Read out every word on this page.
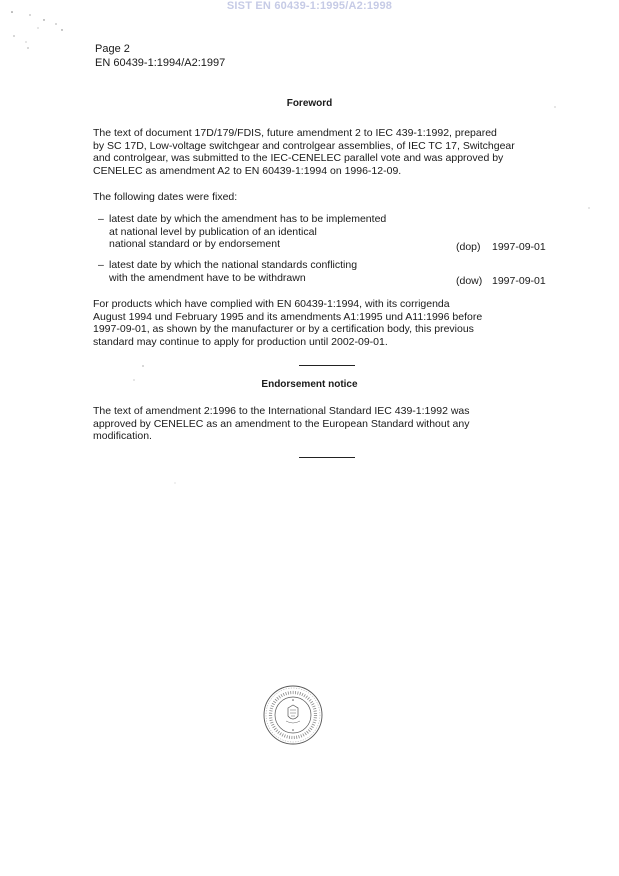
SIST EN 60439-1:1995/A2:1998
Page 2
EN 60439-1:1994/A2:1997
Foreword
The text of document 17D/179/FDIS, future amendment 2 to IEC 439-1:1992, prepared
by SC 17D, Low-voltage switchgear and controlgear assemblies, of IEC TC 17, Switchgear
and controlgear, was submitted to the IEC-CENELEC parallel vote and was approved by
CENELEC as amendment A2 to EN 60439-1:1994 on 1996-12-09.
The following dates were fixed:
– latest date by which the amendment has to be implemented
at national level by publication of an identical
national standard or by endorsement	(dop) 1997-09-01
– latest date by which the national standards conflicting
with the amendment have to be withdrawn	(dow) 1997-09-01
For products which have complied with EN 60439-1:1994, with its corrigenda
August 1994 und February 1995 and its amendments A1:1995 und A11:1996 before
1997-09-01, as shown by the manufacturer or by a certification body, this previous
standard may continue to apply for production until 2002-09-01.
Endorsement notice
The text of amendment 2:1996 to the International Standard IEC 439-1:1992 was
approved by CENELEC as an amendment to the European Standard without any
modification.
